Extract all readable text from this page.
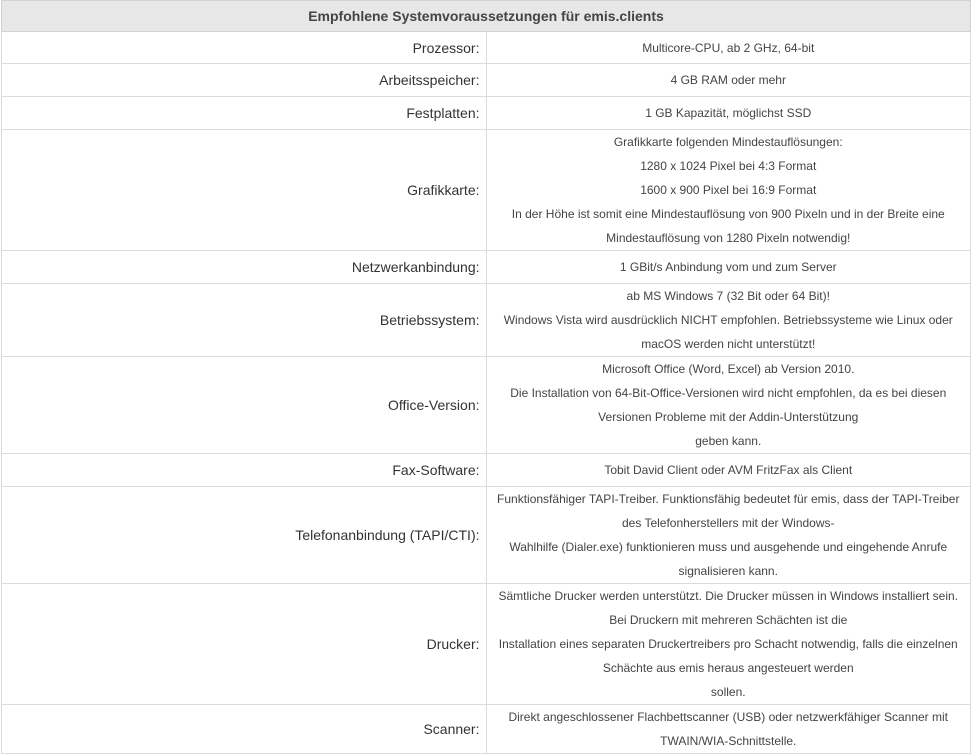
Empfohlene Systemvoraussetzungen für emis.clients	
Prozessor:	Multicore-CPU, ab 2 GHz, 64-bit

Arbeitsspeicher:	4 GB RAM oder mehr

Festplatten:	1 GB Kapazität, möglichst SSD

Grafikkarte:	Grafikkarte folgenden Mindestauflösungen:
1280 x 1024 Pixel bei 4:3 Format
1600 x 900 Pixel bei 16:9 Format
In der Höhe ist somit eine Mindestauflösung von 900 Pixeln und in der Breite eine Mindestauflösung von 1280 Pixeln notwendig!

Netzwerkanbindung:	1 GBit/s Anbindung vom und zum Server

Betriebssystem:	ab MS Windows 7 (32 Bit oder 64 Bit)!
Windows Vista wird ausdrücklich NICHT empfohlen. Betriebssysteme wie Linux oder macOS werden nicht unterstützt!

Office-Version:	Microsoft Office (Word, Excel) ab Version 2010.
Die Installation von 64-Bit-Office-Versionen wird nicht empfohlen, da es bei diesen Versionen Probleme mit der Addin-Unterstützung
geben kann.

Fax-Software:	Tobit David Client oder AVM FritzFax als Client

Telefonanbindung (TAPI/CTI):	Funktionsfähiger TAPI-Treiber. Funktionsfähig bedeutet für emis, dass der TAPI-Treiber des Telefonherstellers mit der Windows-
Wahlhilfe (Dialer.exe) funktionieren muss und ausgehende und eingehende Anrufe signalisieren kann.

Drucker:	Sämtliche Drucker werden unterstützt. Die Drucker müssen in Windows installiert sein. Bei Druckern mit mehreren Schächten ist die
Installation eines separaten Druckertreibers pro Schacht notwendig, falls die einzelnen Schächte aus emis heraus angesteuert werden
sollen.

Scanner:	Direkt angeschlossener Flachbettscanner (USB) oder netzwerkfähiger Scanner mit TWAIN/WIA-Schnittstelle.
